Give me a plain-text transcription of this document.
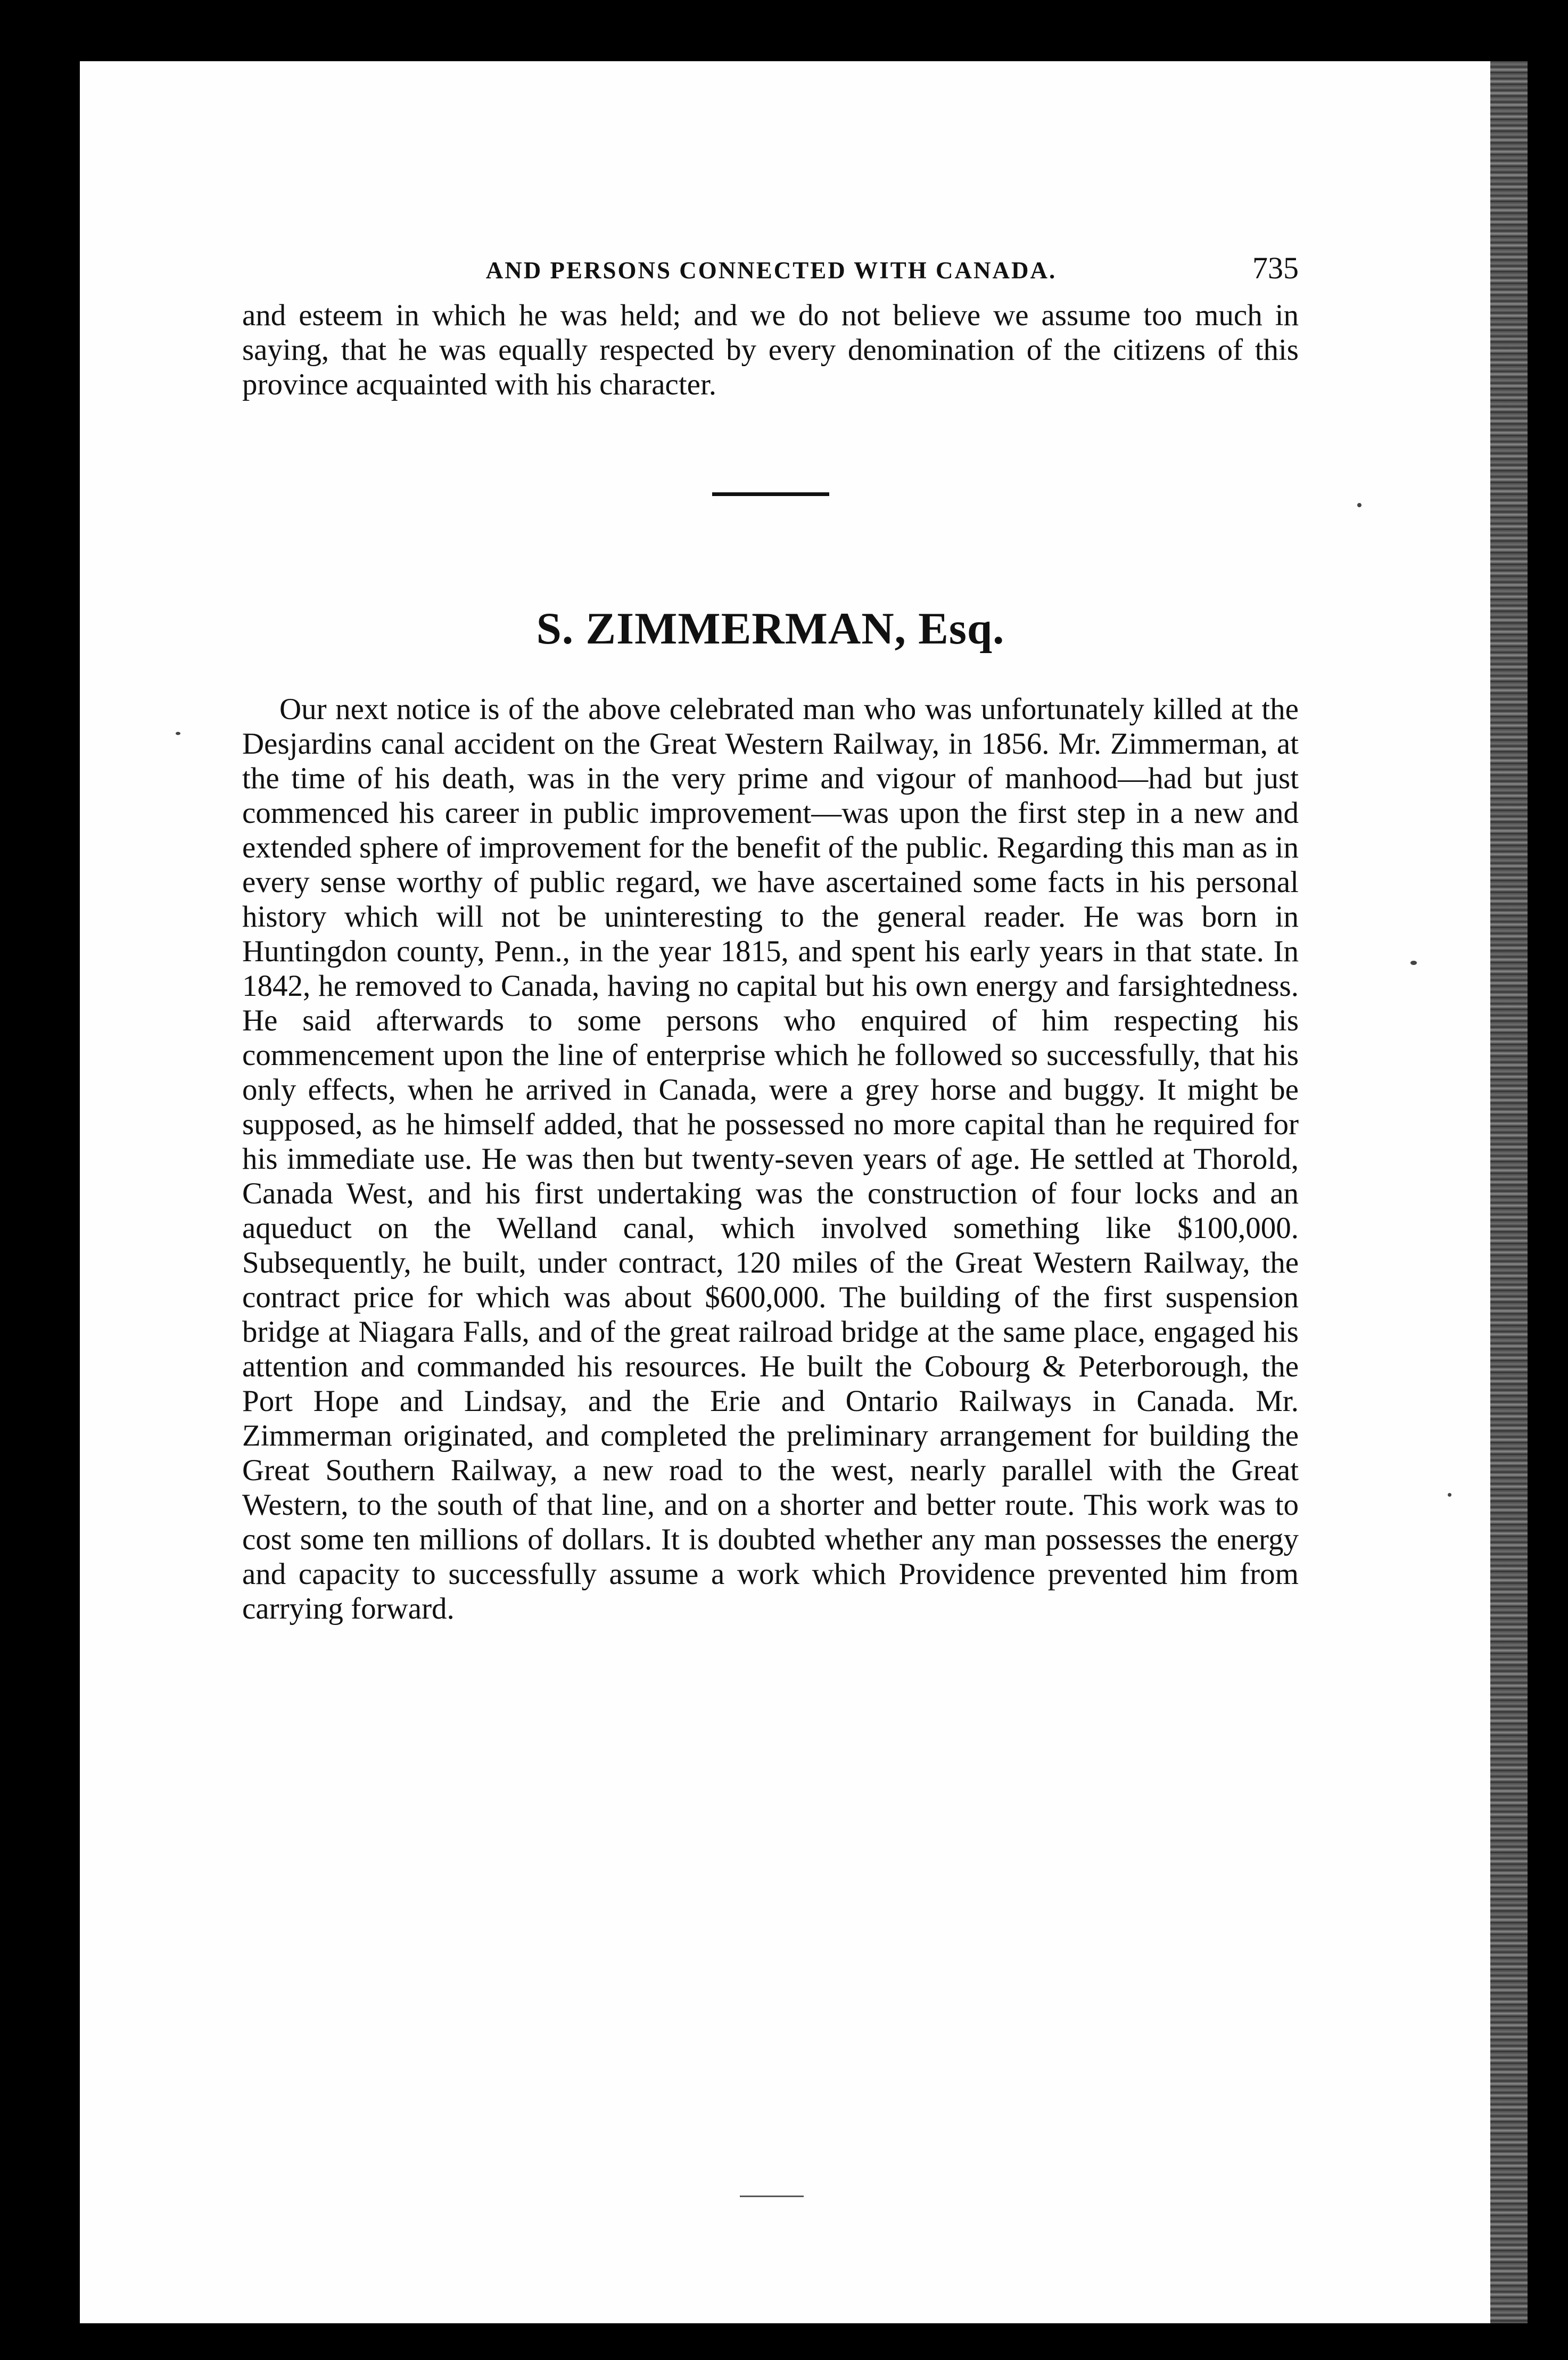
AND PERSONS CONNECTED WITH CANADA.	735

and esteem in which he was held; and we do not believe we assume too much in saying, that he was equally respected by every denomination of the citizens of this province acquainted with his character.

S. ZIMMERMAN, Esq.

Our next notice is of the above celebrated man who was unfortunately killed at the Desjardins canal accident on the Great Western Railway, in 1856. Mr. Zimmerman, at the time of his death, was in the very prime and vigour of manhood—had but just commenced his career in public improvement—was upon the first step in a new and extended sphere of improvement for the benefit of the public. Regarding this man as in every sense worthy of public regard, we have ascertained some facts in his personal history which will not be uninteresting to the general reader. He was born in Huntingdon county, Penn., in the year 1815, and spent his early years in that state. In 1842, he removed to Canada, having no capital but his own energy and farsightedness. He said afterwards to some persons who enquired of him respecting his commencement upon the line of enterprise which he followed so successfully, that his only effects, when he arrived in Canada, were a grey horse and buggy. It might be supposed, as he himself added, that he possessed no more capital than he required for his immediate use. He was then but twenty-seven years of age. He settled at Thorold, Canada West, and his first undertaking was the construction of four locks and an aqueduct on the Welland canal, which involved something like $100,000. Subsequently, he built, under contract, 120 miles of the Great Western Railway, the contract price for which was about $600,000. The building of the first suspension bridge at Niagara Falls, and of the great railroad bridge at the same place, engaged his attention and commanded his resources. He built the Cobourg & Peterborough, the Port Hope and Lindsay, and the Erie and Ontario Railways in Canada. Mr. Zimmerman originated, and completed the preliminary arrangement for building the Great Southern Railway, a new road to the west, nearly parallel with the Great Western, to the south of that line, and on a shorter and better route. This work was to cost some ten millions of dollars. It is doubted whether any man possesses the energy and capacity to successfully assume a work which Providence prevented him from carrying forward.
